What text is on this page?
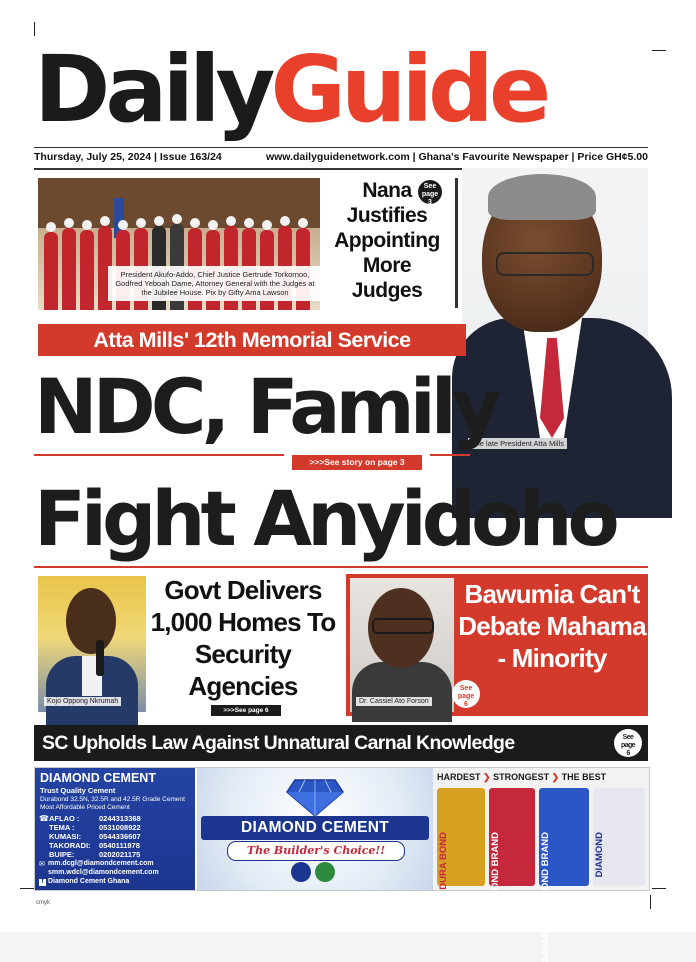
DailyGuide
Thursday, July 25, 2024 | Issue 163/24	www.dailyguidenetwork.com | Ghana's Favourite Newspaper | Price GH¢5.00
President Akufo-Addo, Chief Justice Gertrude Torkornoo, Godfred Yeboah Dame, Attorney General with the Judges at the Jubilee House. Pix by Gifty Ama Lawson
Nana Justifies Appointing More Judges
See
page
3
The late President Atta Mills
Atta Mills' 12th Memorial Service
NDC, Family
>>>See story on page 3
Fight Anyidoho
Kojo Oppong Nkrumah
Govt Delivers 1,000 Homes To Security Agencies
>>>See page 6
Dr. Cassiel Ato Forson
See
page
6
Bawumia Can't Debate Mahama - Minority
SC Upholds Law Against Unnatural Carnal Knowledge	See
page
6
DIAMOND CEMENT
Trust Quality Cement
Durabond 32.5N, 32.5R and 42.5R Grade Cement
Most Affordable Priced Cement
☎ AFLAO :	0244313368
TEMA :	0531008922
KUMASI: 0544336607
TAKORADI: 0540111978
BUIPE:	0202021175
✉ mm.dcgl@diamondcement.com
smm.wdcl@diamondcement.com
f Diamond Cement Ghana
DIAMOND CEMENT
The Builder's Choice!!
HARDEST ❯ STRONGEST ❯ THE BEST
DURA BOND	DIAMOND BRAND	SAVANNA DIAMOND BRAND	DIAMOND
cmyk
